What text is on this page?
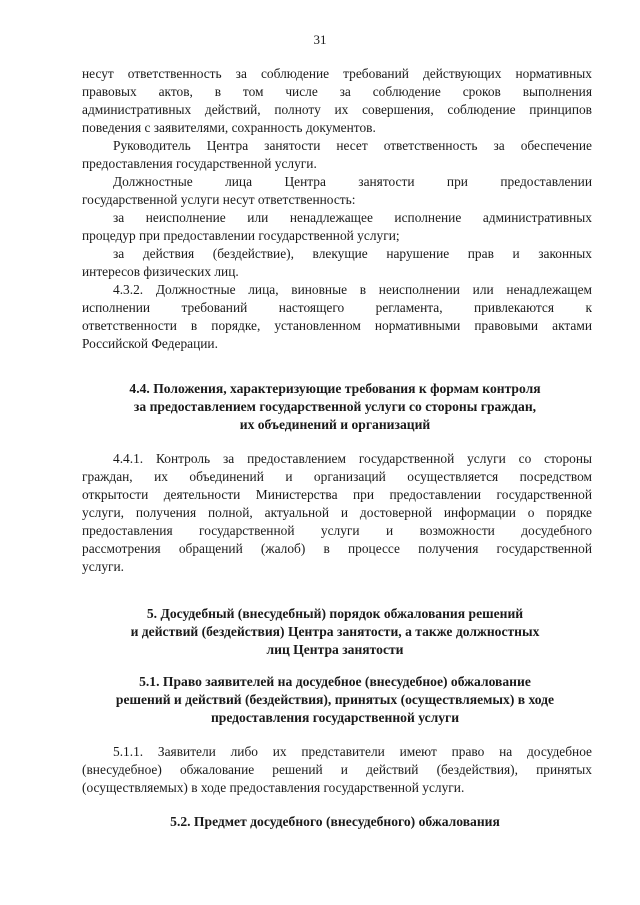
31
несут ответственность за соблюдение требований действующих нормативных
правовых актов, в том числе за соблюдение сроков выполнения
административных действий, полноту их совершения, соблюдение принципов
поведения с заявителями, сохранность документов.
Руководитель Центра занятости несет ответственность за обеспечение
предоставления государственной услуги.
Должностные лица Центра занятости при предоставлении
государственной услуги несут ответственность:
за неисполнение или ненадлежащее исполнение административных
процедур при предоставлении государственной услуги;
за действия (бездействие), влекущие нарушение прав и законных
интересов физических лиц.
4.3.2. Должностные лица, виновные в неисполнении или ненадлежащем
исполнении требований настоящего регламента, привлекаются к
ответственности в порядке, установленном нормативными правовыми актами
Российской Федерации.
4.4. Положения, характеризующие требования к формам контроля
за предоставлением государственной услуги со стороны граждан,
их объединений и организаций
4.4.1. Контроль за предоставлением государственной услуги со стороны
граждан, их объединений и организаций осуществляется посредством
открытости деятельности Министерства при предоставлении государственной
услуги, получения полной, актуальной и достоверной информации о порядке
предоставления государственной услуги и возможности досудебного
рассмотрения обращений (жалоб) в процессе получения государственной
услуги.
5. Досудебный (внесудебный) порядок обжалования решений
и действий (бездействия) Центра занятости, а также должностных
лиц Центра занятости
5.1. Право заявителей на досудебное (внесудебное) обжалование
решений и действий (бездействия), принятых (осуществляемых) в ходе
предоставления государственной услуги
5.1.1. Заявители либо их представители имеют право на досудебное
(внесудебное) обжалование решений и действий (бездействия), принятых
(осуществляемых) в ходе предоставления государственной услуги.
5.2. Предмет досудебного (внесудебного) обжалования
